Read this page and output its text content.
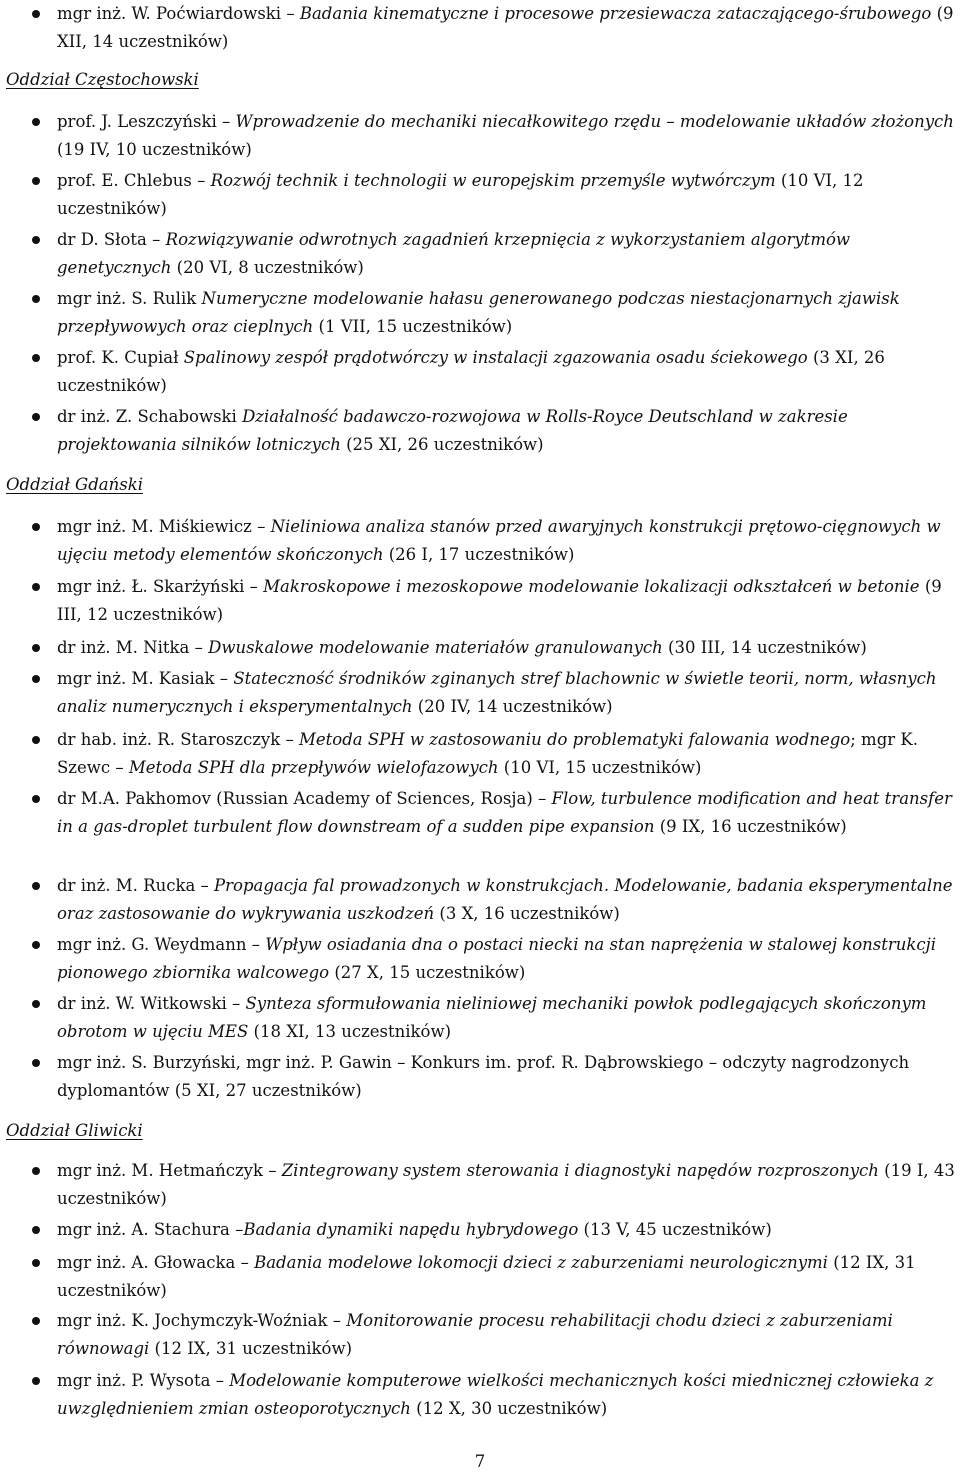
mgr inż. W. Poćwiardowski – Badania kinematyczne i procesowe przesiewacza zataczającego-śrubowego (9 XII, 14 uczestników)
Oddział Częstochowski
prof. J. Leszczyński – Wprowadzenie do mechaniki niecałkowitego rzędu – modelowanie układów złożonych (19 IV, 10 uczestników)
prof. E. Chlebus – Rozwój technik i technologii w europejskim przemyśle wytwórczym (10 VI, 12 uczestników)
dr D. Słota – Rozwiązywanie odwrotnych zagadnień krzepnięcia z wykorzystaniem algorytmów genetycznych (20 VI, 8 uczestników)
mgr inż. S. Rulik Numeryczne modelowanie hałasu generowanego podczas niestacjonarnych zjawisk przepływowych oraz cieplnych (1 VII, 15 uczestników)
prof. K. Cupiał Spalinowy zespół prądotwórczy w instalacji zgazowania osadu ściekowego (3 XI, 26 uczestników)
dr inż. Z. Schabowski Działalność badawczo-rozwojowa w Rolls-Royce Deutschland w zakresie projektowania silników lotniczych (25 XI, 26 uczestników)
Oddział Gdański
mgr inż. M. Miśkiewicz – Nieliniowa analiza stanów przed awaryjnych konstrukcji prętowo-cięgnowych w ujęciu metody elementów skończonych (26 I, 17 uczestników)
mgr inż. Ł. Skarżyński – Makroskopowe i mezoskopowe modelowanie lokalizacji odkształceń w betonie (9 III, 12 uczestników)
dr inż. M. Nitka – Dwuskalowe modelowanie materiałów granulowanych (30 III, 14 uczestników)
mgr inż. M. Kasiak – Stateczność środników zginanych stref blachownic w świetle teorii, norm, własnych analiz numerycznych i eksperymentalnych (20 IV, 14 uczestników)
dr hab. inż. R. Staroszczyk – Metoda SPH w zastosowaniu do problematyki falowania wodnego; mgr K. Szewc – Metoda SPH dla przepływów wielofazowych (10 VI, 15 uczestników)
dr M.A. Pakhomov (Russian Academy of Sciences, Rosja) – Flow, turbulence modification and heat transfer in a gas-droplet turbulent flow downstream of a sudden pipe expansion (9 IX, 16 uczestników)
dr inż. M. Rucka – Propagacja fal prowadzonych w konstrukcjach. Modelowanie, badania eksperymentalne oraz zastosowanie do wykrywania uszkodzeń (3 X, 16 uczestników)
mgr inż. G. Weydmann – Wpływ osiadania dna o postaci niecki na stan naprężenia w stalowej konstrukcji pionowego zbiornika walcowego (27 X, 15 uczestników)
dr inż. W. Witkowski – Synteza sformułowania nieliniowej mechaniki powłok podlegających skończonym obrotom w ujęciu MES (18 XI, 13 uczestników)
mgr inż. S. Burzyński, mgr inż. P. Gawin – Konkurs im. prof. R. Dąbrowskiego – odczyty nagrodzonych dyplomantów (5 XI, 27 uczestników)
Oddział Gliwicki
mgr inż. M. Hetmańczyk – Zintegrowany system sterowania i diagnostyki napędów rozproszonych (19 I, 43 uczestników)
mgr inż. A. Stachura –Badania dynamiki napędu hybrydowego (13 V, 45 uczestników)
mgr inż. A. Głowacka – Badania modelowe lokomocji dzieci z zaburzeniami neurologicznymi (12 IX, 31 uczestników)
mgr inż. K. Jochymczyk-Woźniak – Monitorowanie procesu rehabilitacji chodu dzieci z zaburzeniami równowagi (12 IX, 31 uczestników)
mgr inż. P. Wysota – Modelowanie komputerowe wielkości mechanicznych kości miednicznej człowieka z uwzględnieniem zmian osteoporotycznych (12 X, 30 uczestników)
7
